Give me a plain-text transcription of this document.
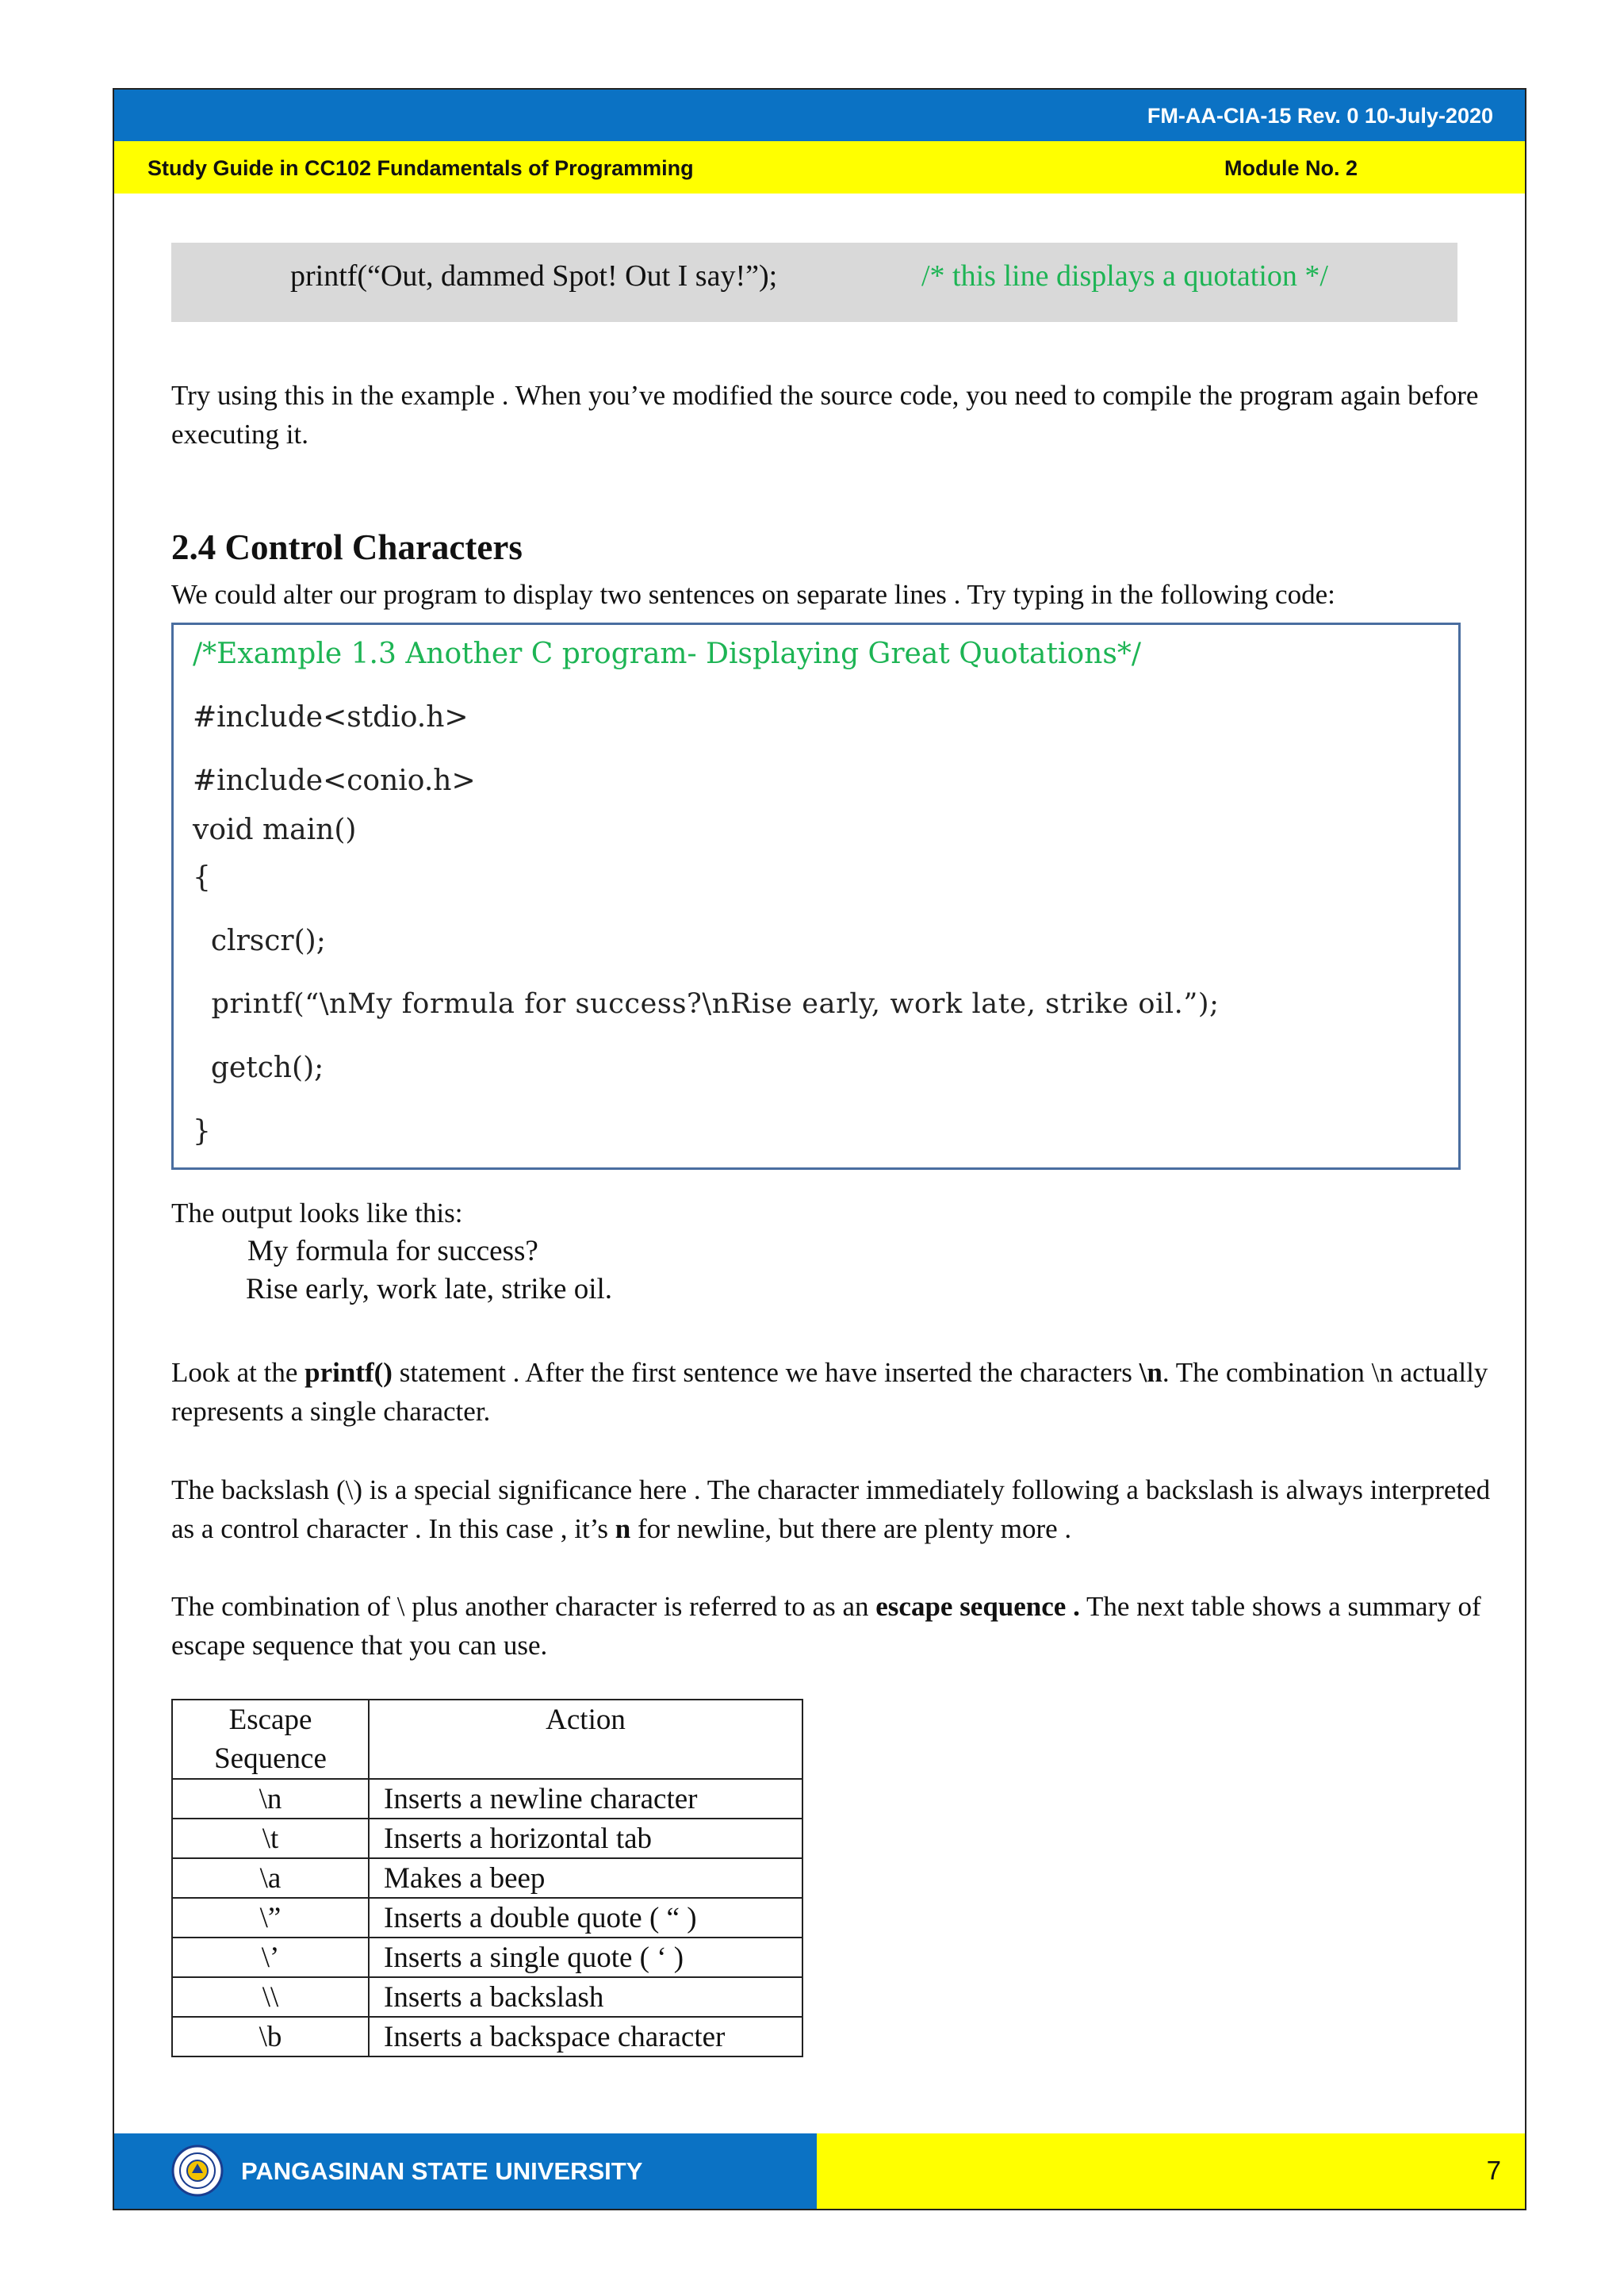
FM-AA-CIA-15 Rev. 0 10-July-2020
Study Guide in CC102 Fundamentals of Programming	Module No. 2
printf(“Out, dammed Spot! Out I say!”);	/* this line displays a quotation */

Try using this in the example . When you’ve modified the source code, you need to compile the program again before executing it.

2.4 Control Characters

We could alter our program to display two sentences on separate lines . Try typing in the following code:

/*Example 1.3 Another C program- Displaying Great Quotations*/
#include<stdio.h>
#include<conio.h>
void main()
{
clrscr();
printf(“\nMy formula for success?\nRise early, work late, strike oil.”);
getch();
}
The output looks like this:
My formula for success?
Rise early, work late, strike oil.

Look at the printf() statement . After the first sentence we have inserted the characters \n. The combination \n actually represents a single character.

The backslash (\) is a special significance here . The character immediately following a backslash is always interpreted as a control character . In this case , it’s n for newline, but there are plenty more .

The combination of \ plus another character is referred to as an escape sequence . The next table shows a summary of escape sequence that you can use.

Escape Sequence	Action
\n	Inserts a newline character
\t	Inserts a horizontal tab
\a	Makes a beep
\”	Inserts a double quote ( “ )
\’	Inserts a single quote ( ‘ )
\\	Inserts a backslash
\b	Inserts a backspace character
PANGASINAN STATE UNIVERSITY	7
